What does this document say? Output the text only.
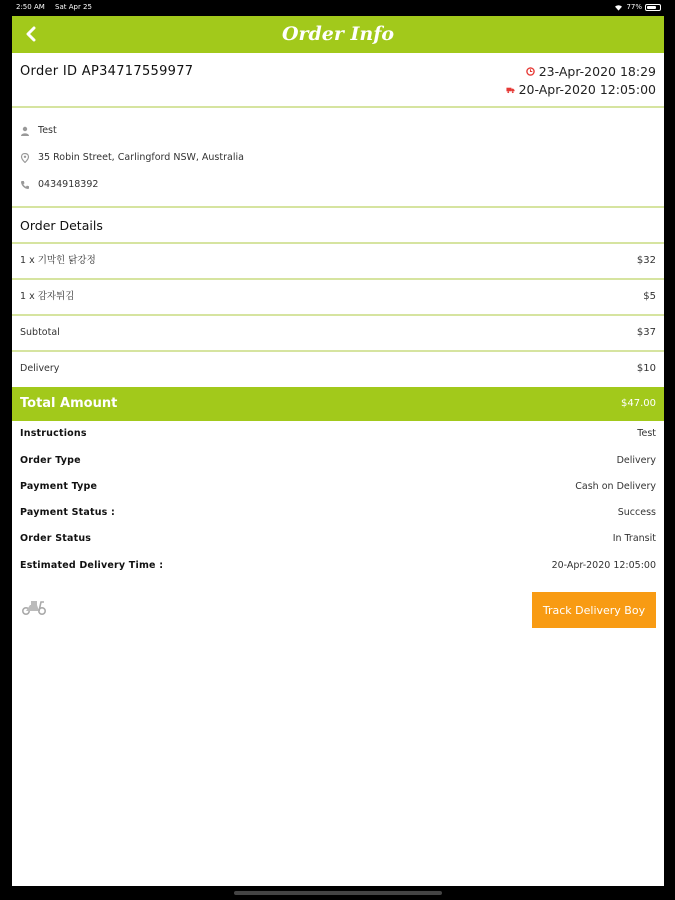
2:50 AM Sat Apr 25	77%
Order Info
Order ID AP34717559977	23-Apr-2020 18:29
20-Apr-2020 12:05:00
Test
35 Robin Street, Carlingford NSW, Australia
0434918392
Order Details
1 x 기막힌 닭강정	$32
1 x 감자튀김	$5
Subtotal	$37
Delivery	$10
Total Amount	$47.00
Instructions	Test
Order Type	Delivery
Payment Type	Cash on Delivery
Payment Status :	Success
Order Status	In Transit
Estimated Delivery Time :	20-Apr-2020 12:05:00
Track Delivery Boy
